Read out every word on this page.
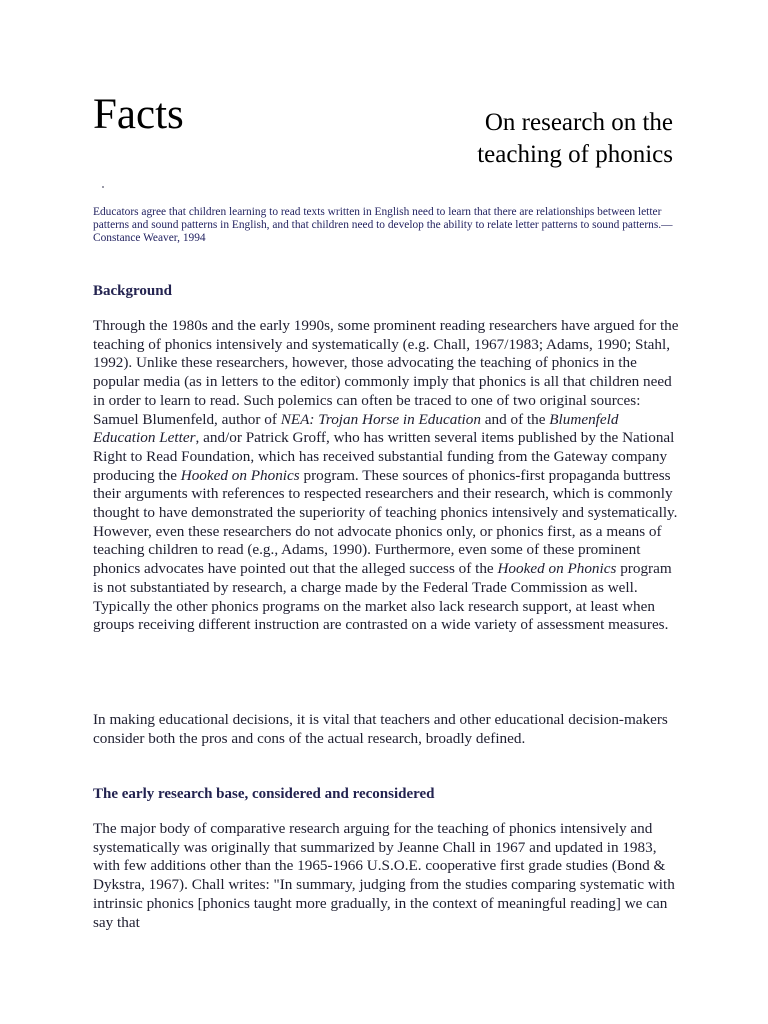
Facts	On research on the
teaching of phonics

Educators agree that children learning to read texts written in English need to learn that there are relationships between letter patterns and sound patterns in English, and that children need to develop the ability to relate letter patterns to sound patterns.—Constance Weaver, 1994

Background

Through the 1980s and the early 1990s, some prominent reading researchers have argued for the teaching of phonics intensively and systematically (e.g. Chall, 1967/1983; Adams, 1990; Stahl, 1992). Unlike these researchers, however, those advocating the teaching of phonics in the popular media (as in letters to the editor) commonly imply that phonics is all that children need in order to learn to read. Such polemics can often be traced to one of two original sources: Samuel Blumenfeld, author of NEA: Trojan Horse in Education and of the Blumenfeld Education Letter, and/or Patrick Groff, who has written several items published by the National Right to Read Foundation, which has received substantial funding from the Gateway company producing the Hooked on Phonics program. These sources of phonics-first propaganda buttress their arguments with references to respected researchers and their research, which is commonly thought to have demonstrated the superiority of teaching phonics intensively and systematically. However, even these researchers do not advocate phonics only, or phonics first, as a means of teaching children to read (e.g., Adams, 1990). Furthermore, even some of these prominent phonics advocates have pointed out that the alleged success of the Hooked on Phonics program is not substantiated by research, a charge made by the Federal Trade Commission as well. Typically the other phonics programs on the market also lack research support, at least when groups receiving different instruction are contrasted on a wide variety of assessment measures.

In making educational decisions, it is vital that teachers and other educational decision-makers consider both the pros and cons of the actual research, broadly defined.

The early research base, considered and reconsidered

The major body of comparative research arguing for the teaching of phonics intensively and systematically was originally that summarized by Jeanne Chall in 1967 and updated in 1983, with few additions other than the 1965-1966 U.S.O.E. cooperative first grade studies (Bond & Dykstra, 1967). Chall writes: "In summary, judging from the studies comparing systematic with intrinsic phonics [phonics taught more gradually, in the context of meaningful reading] we can say that
